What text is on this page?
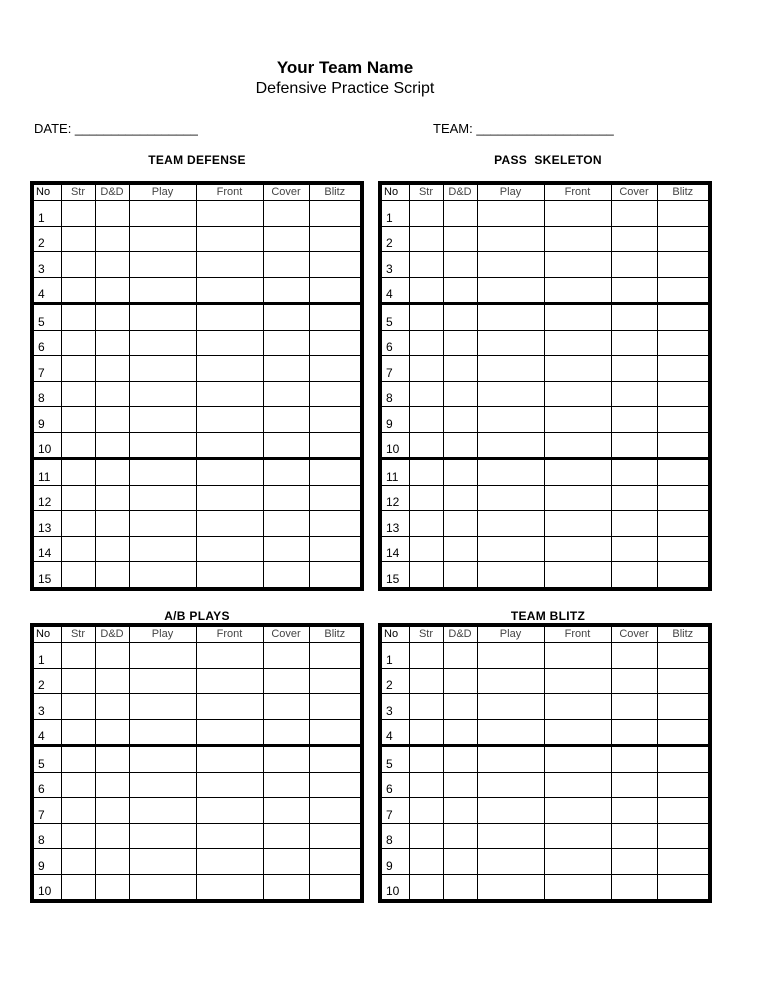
Your Team Name
Defensive Practice Script
DATE: _________________	TEAM: ___________________
TEAM DEFENSE	PASS  SKELETON
A/B PLAYS	TEAM BLITZ
No	Str	D&D	Play	Front	Cover	Blitz
1						
2						
3						
4						
5						
6						
7						
8						
9						
10						
11						
12						
13						
14						
15						
No	Str	D&D	Play	Front	Cover	Blitz
1						
2						
3						
4						
5						
6						
7						
8						
9						
10						
11						
12						
13						
14						
15						
No	Str	D&D	Play	Front	Cover	Blitz
1						
2						
3						
4						
5						
6						
7						
8						
9						
10						
No	Str	D&D	Play	Front	Cover	Blitz
1						
2						
3						
4						
5						
6						
7						
8						
9						
10						
